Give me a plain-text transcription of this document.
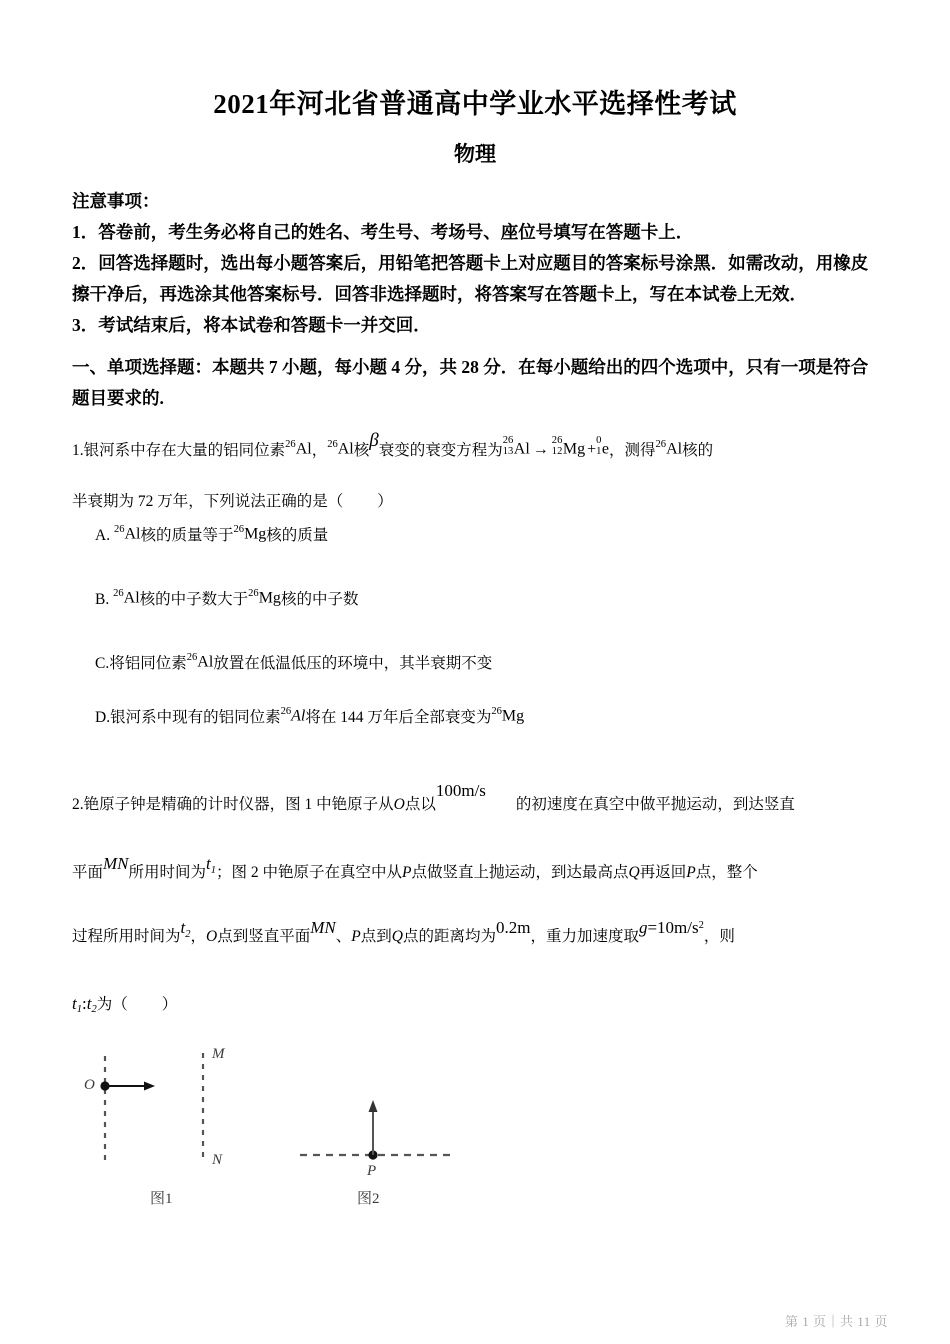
2021年河北省普通高中学业水平选择性考试
物理

注意事项：

1．答卷前，考生务必将自己的姓名、考生号、考场号、座位号填写在答题卡上．

2．回答选择题时，选出每小题答案后，用铅笔把答题卡上对应题目的答案标号涂黑．如需改动，用橡皮擦干净后，再选涂其他答案标号．回答非选择题时，将答案写在答题卡上，写在本试卷上无效．

3．考试结束后，将本试卷和答题卡一并交回．

一、单项选择题：本题共 7 小题，每小题 4 分，共 28 分．在每小题给出的四个选项中，只有一项是符合题目要求的.
1.银河系中存在大量的铝同位素26Al，26Al核β衰变的衰变方程为
26
13 Al →
26
12 Mg +
0
1 e，测得26Al核的
半衰期为 72 万年，下列说法正确的是（ ）
A. 26Al核的质量等于26Mg核的质量
B. 26Al核的中子数大于26Mg核的中子数
C.将铝同位素26Al放置在低温低压的环境中，其半衰期不变
D.银河系中现有的铝同位素26Al将在 144 万年后全部衰变为26Mg
2.铯原子钟是精确的计时仪器，图 1 中铯原子从O点以100m/s的初速度在真空中做平抛运动，到达竖直
平面MN所用时间为t1；图 2 中铯原子在真空中从P点做竖直上抛运动，到达最高点Q再返回P点，整个
过程所用时间为t2，O点到竖直平面MN、P点到Q点的距离均为0.2m，重力加速度取$g=10m/s^2$，则
t1:t2为（ ）
O
M
N
P
图1	图2
第 1 页｜共 11 页
